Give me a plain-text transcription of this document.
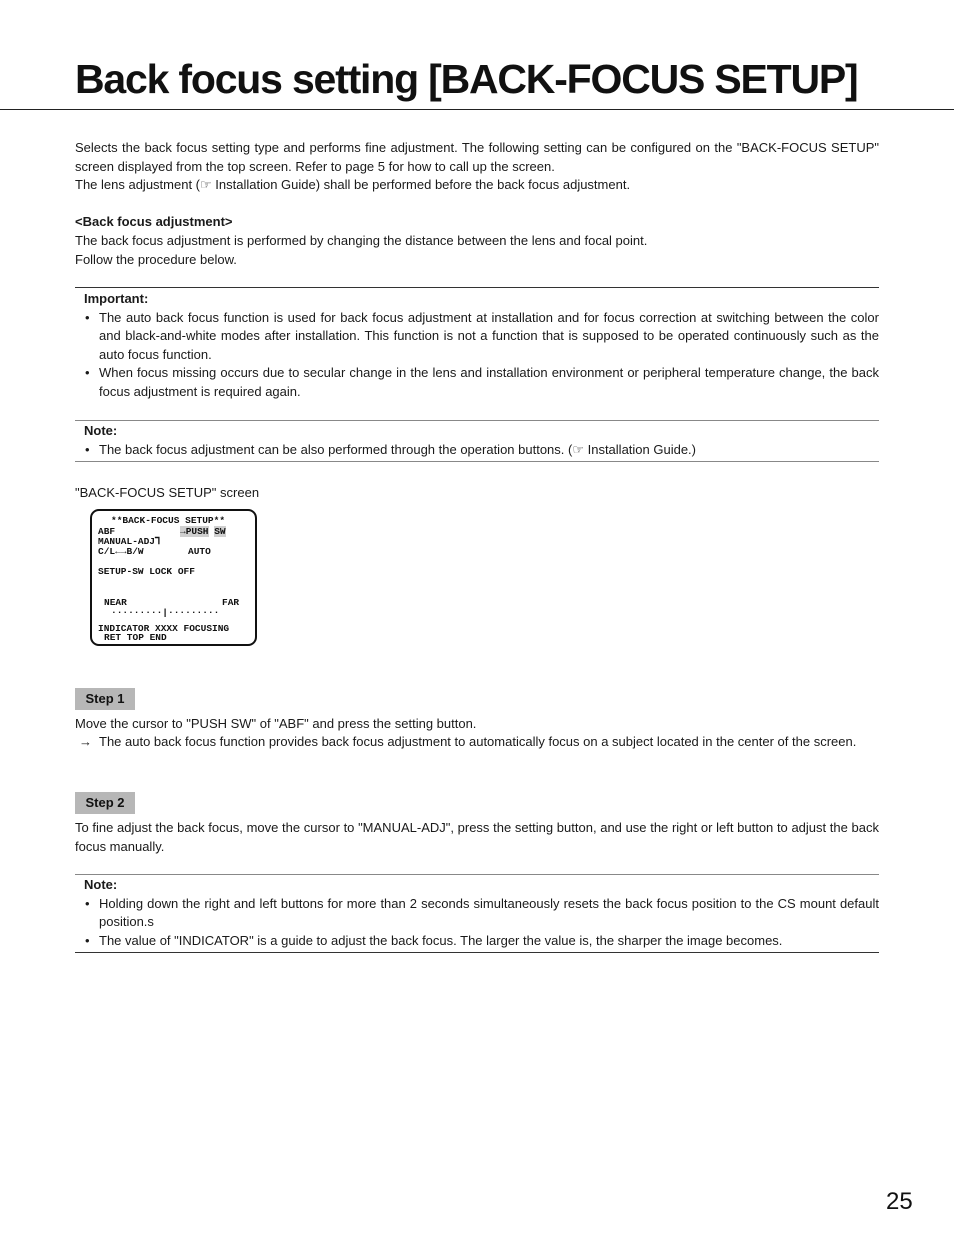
Back focus setting [BACK-FOCUS SETUP]

Selects the back focus setting type and performs fine adjustment. The following setting can be configured on the "BACK-FOCUS SETUP" screen displayed from the top screen. Refer to page 5 for how to call up the screen.

The lens adjustment (☞ Installation Guide) shall be performed before the back focus adjustment.

<Back focus adjustment>

The back focus adjustment is performed by changing the distance between the lens and focal point.

Follow the procedure below.

Important:
• The auto back focus function is used for back focus adjustment at installation and for focus correction at switching between the color and black-and-white modes after installation. This function is not a function that is supposed to be operated continuously such as the auto focus function.
• When focus missing occurs due to secular change in the lens and installation environment or peripheral temperature change, the back focus adjustment is required again.
Note:
• The back focus adjustment can be also performed through the operation buttons. (☞ Installation Guide.)

"BACK-FOCUS SETUP" screen

**BACK-FOCUS SETUP**
ABF	→PUSH SW
MANUAL-ADJ⅂
C/L←→B/W	AUTO
SETUP-SW LOCK OFF
NEAR	FAR
·········|·········
INDICATOR XXXX FOCUSING
RET TOP END
Step 1

Move the cursor to "PUSH SW" of "ABF" and press the setting button.

→ The auto back focus function provides back focus adjustment to automatically focus on a subject located in the center of the screen.
Step 2

To fine adjust the back focus, move the cursor to "MANUAL-ADJ", press the setting button, and use the right or left button to adjust the back focus manually.

Note:
• Holding down the right and left buttons for more than 2 seconds simultaneously resets the back focus position to the CS mount default position.s
• The value of "INDICATOR" is a guide to adjust the back focus. The larger the value is, the sharper the image becomes.
25
